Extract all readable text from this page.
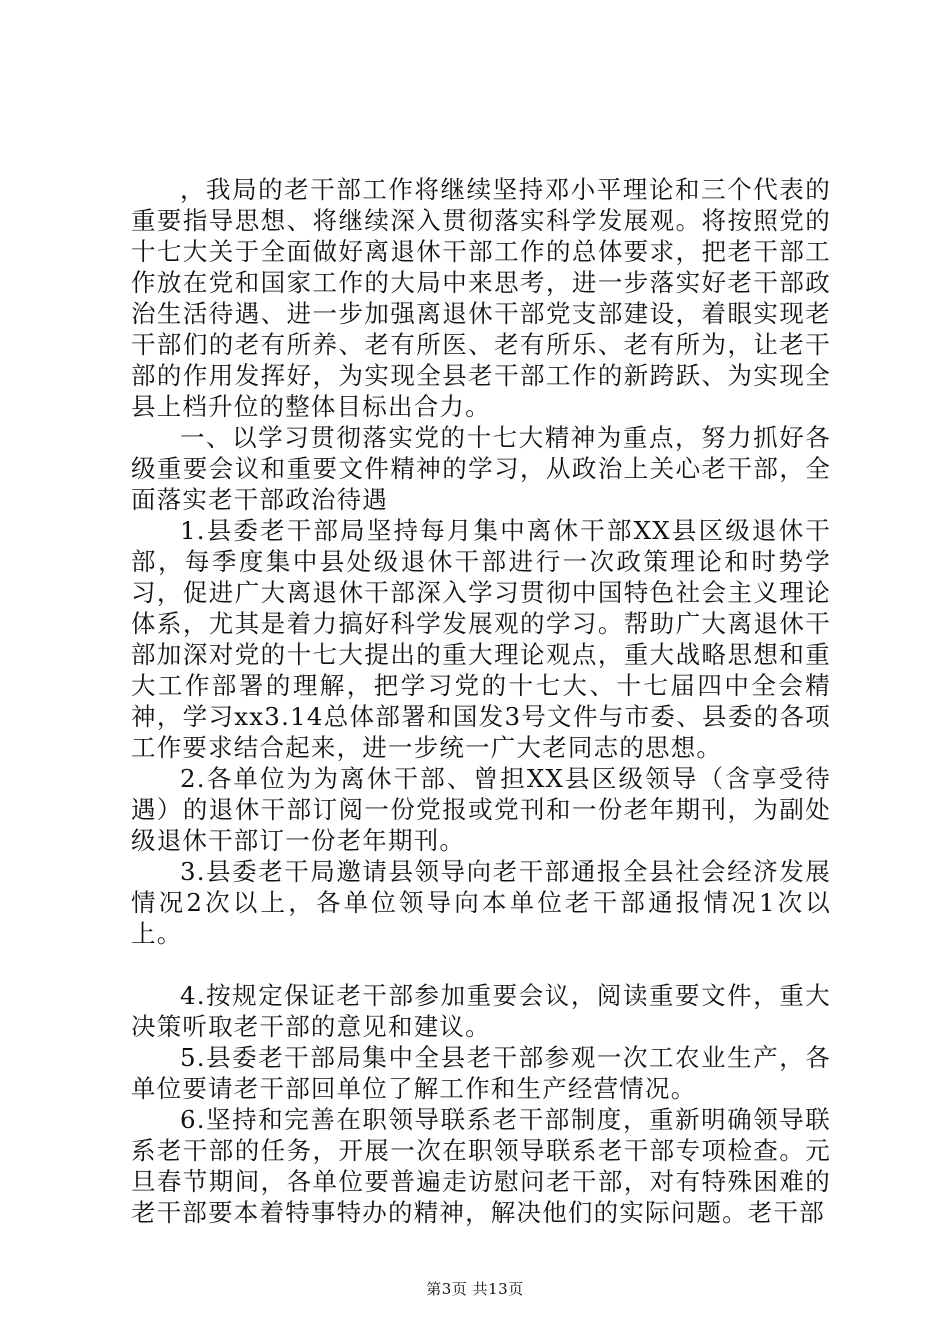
，我局的老干部工作将继续坚持邓小平理论和三个代表的重要指导思想、将继续深入贯彻落实科学发展观。将按照党的十七大关于全面做好离退休干部工作的总体要求，把老干部工作放在党和国家工作的大局中来思考，进一步落实好老干部政治生活待遇、进一步加强离退休干部党支部建设，着眼实现老干部们的老有所养、老有所医、老有所乐、老有所为，让老干部的作用发挥好，为实现全县老干部工作的新跨跃、为实现全县上档升位的整体目标出合力。

一、以学习贯彻落实党的十七大精神为重点，努力抓好各级重要会议和重要文件精神的学习，从政治上关心老干部，全面落实老干部政治待遇

1.县委老干部局坚持每月集中离休干部XX县区级退休干部，每季度集中县处级退休干部进行一次政策理论和时势学习，促进广大离退休干部深入学习贯彻中国特色社会主义理论体系，尤其是着力搞好科学发展观的学习。帮助广大离退休干部加深对党的十七大提出的重大理论观点，重大战略思想和重大工作部署的理解，把学习党的十七大、十七届四中全会精神，学习xx3.14总体部署和国发3号文件与市委、县委的各项工作要求结合起来，进一步统一广大老同志的思想。

2.各单位为为离休干部、曾担XX县区级领导（含享受待遇）的退休干部订阅一份党报或党刊和一份老年期刊，为副处级退休干部订一份老年期刊。

3.县委老干局邀请县领导向老干部通报全县社会经济发展情况2次以上，各单位领导向本单位老干部通报情况1次以上。

4.按规定保证老干部参加重要会议，阅读重要文件，重大决策听取老干部的意见和建议。

5.县委老干部局集中全县老干部参观一次工农业生产，各单位要请老干部回单位了解工作和生产经营情况。

6.坚持和完善在职领导联系老干部制度，重新明确领导联系老干部的任务，开展一次在职领导联系老干部专项检查。元旦春节期间，各单位要普遍走访慰问老干部，对有特殊困难的老干部要本着特事特办的精神，解决他们的实际问题。老干部

第3页 共13页
